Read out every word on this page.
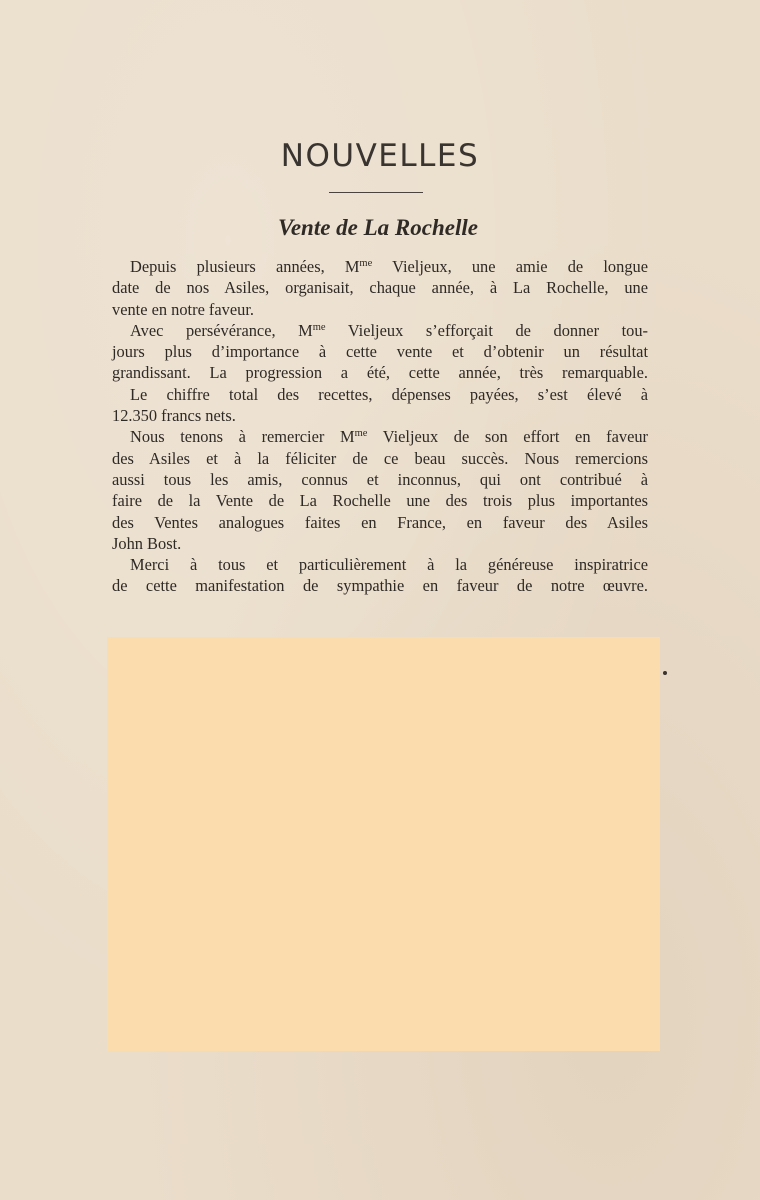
NOUVELLES
Vente de La Rochelle
Depuis plusieurs années, $M^{me}$ Vieljeux, une amie de longue
date de nos Asiles, organisait, chaque année, à La Rochelle, une
vente en notre faveur.
Avec persévérance, $M^{me}$ Vieljeux s’efforçait de donner tou-
jours plus d’importance à cette vente et d’obtenir un résultat
grandissant. La progression a été, cette année, très remarquable.
Le chiffre total des recettes, dépenses payées, s’est élevé à
12.350 francs nets.
Nous tenons à remercier $M^{me}$ Vieljeux de son effort en faveur
des Asiles et à la féliciter de ce beau succès. Nous remercions
aussi tous les amis, connus et inconnus, qui ont contribué à
faire de la Vente de La Rochelle une des trois plus importantes
des Ventes analogues faites en France, en faveur des Asiles
John Bost.
Merci à tous et particulièrement à la généreuse inspiratrice
de cette manifestation de sympathie en faveur de notre œuvre.
